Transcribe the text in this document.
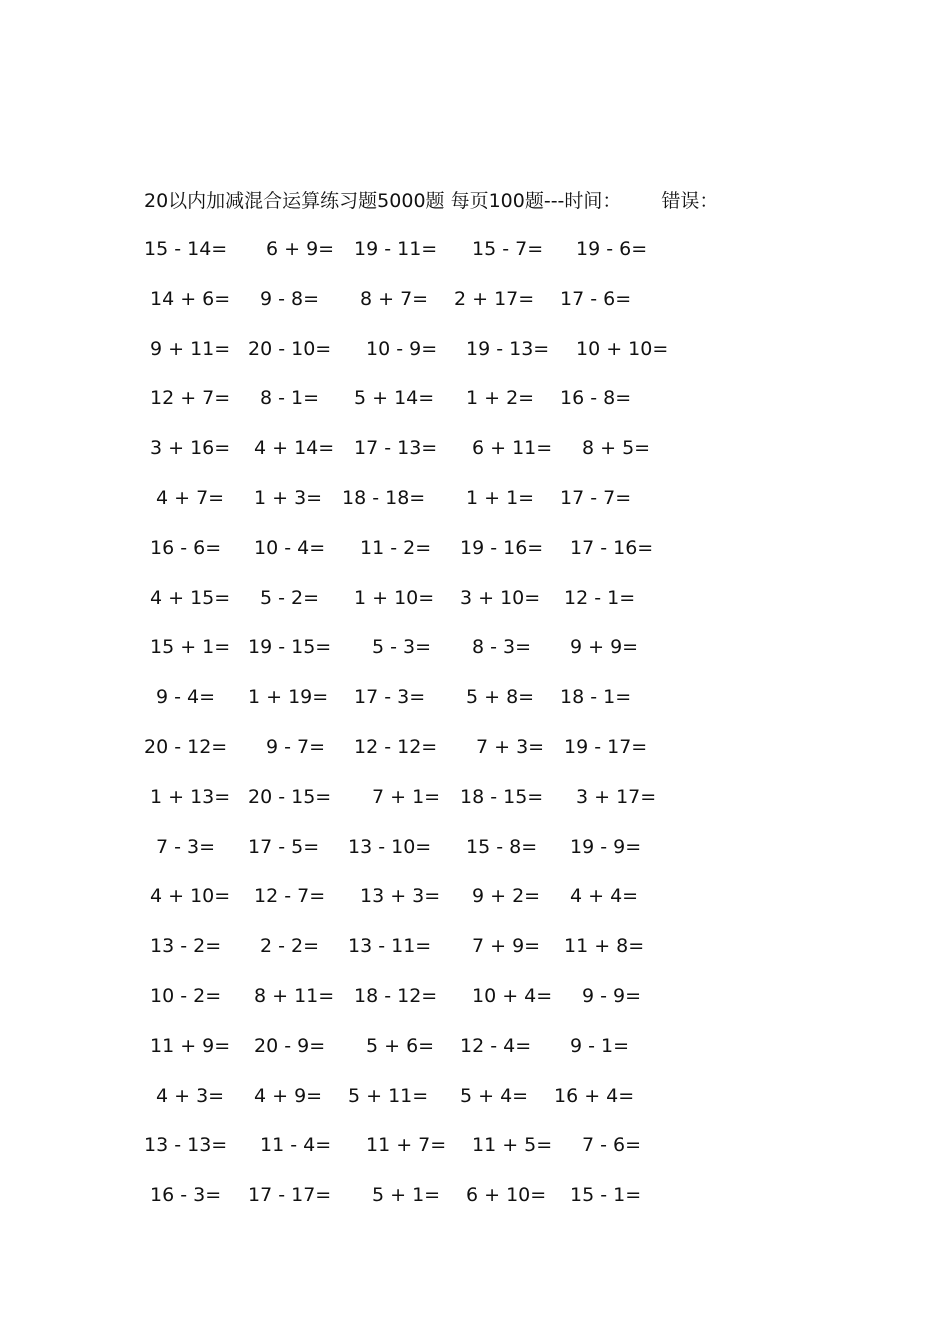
20以内加减混合运算练习题5000题 每页100题---时间： 错误：
15 - 14= 6 + 9= 19 - 11= 15 - 7= 19 - 6=
14 + 6= 9 - 8= 8 + 7= 2 + 17= 17 - 6=
9 + 11= 20 - 10= 10 - 9= 19 - 13= 10 + 10=
12 + 7= 8 - 1= 5 + 14= 1 + 2= 16 - 8=
3 + 16= 4 + 14= 17 - 13= 6 + 11= 8 + 5=
4 + 7= 1 + 3= 18 - 18= 1 + 1= 17 - 7=
16 - 6= 10 - 4= 11 - 2= 19 - 16= 17 - 16=
4 + 15= 5 - 2= 1 + 10= 3 + 10= 12 - 1=
15 + 1= 19 - 15= 5 - 3= 8 - 3= 9 + 9=
9 - 4= 1 + 19= 17 - 3= 5 + 8= 18 - 1=
20 - 12= 9 - 7= 12 - 12= 7 + 3= 19 - 17=
1 + 13= 20 - 15= 7 + 1= 18 - 15= 3 + 17=
7 - 3= 17 - 5= 13 - 10= 15 - 8= 19 - 9=
4 + 10= 12 - 7= 13 + 3= 9 + 2= 4 + 4=
13 - 2= 2 - 2= 13 - 11= 7 + 9= 11 + 8=
10 - 2= 8 + 11= 18 - 12= 10 + 4= 9 - 9=
11 + 9= 20 - 9= 5 + 6= 12 - 4= 9 - 1=
4 + 3= 4 + 9= 5 + 11= 5 + 4= 16 + 4=
13 - 13= 11 - 4= 11 + 7= 11 + 5= 7 - 6=
16 - 3= 17 - 17= 5 + 1= 6 + 10= 15 - 1=
